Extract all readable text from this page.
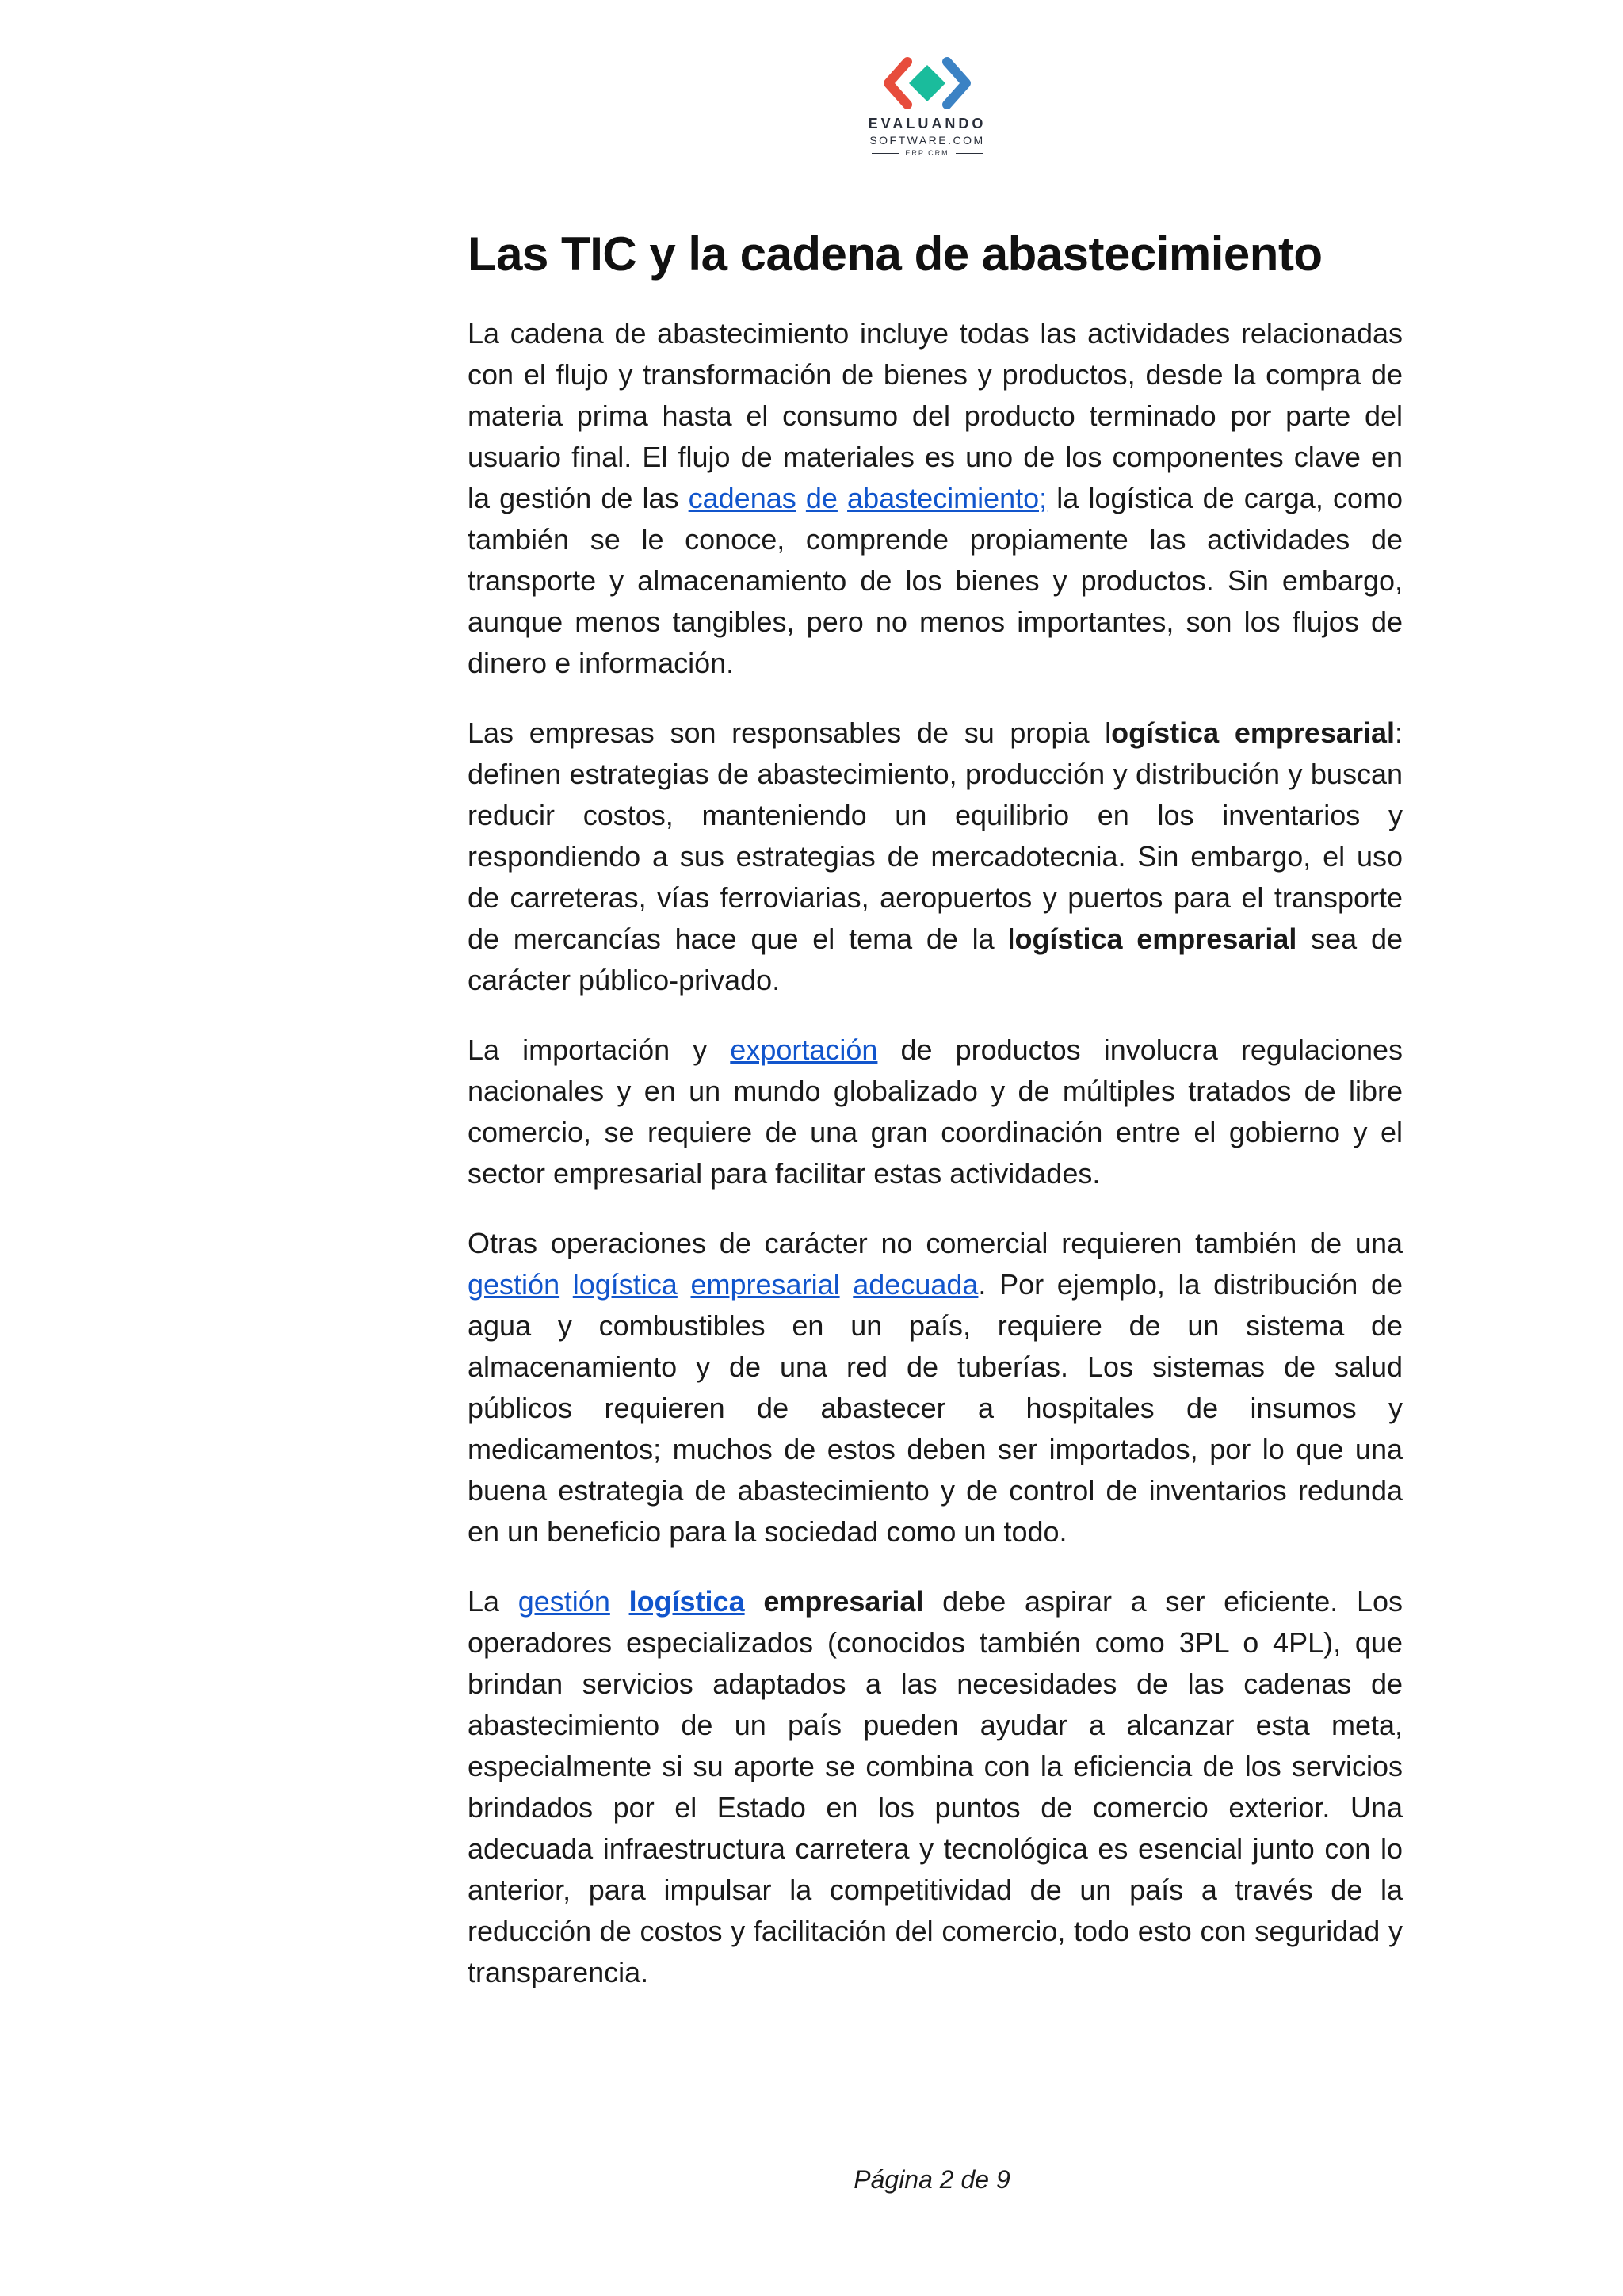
EVALUANDO
SOFTWARE.COM
ERP CRM
Las TIC y la cadena de abastecimiento

La cadena de abastecimiento incluye todas las actividades relacionadas con el flujo y transformación de bienes y productos, desde la compra de materia prima hasta el consumo del producto terminado por parte del usuario final. El flujo de materiales es uno de los componentes clave en la gestión de las cadenas de abastecimiento; la logística de carga, como también se le conoce, comprende propiamente las actividades de transporte y almacenamiento de los bienes y productos. Sin embargo, aunque menos tangibles, pero no menos importantes, son los flujos de dinero e información.

Las empresas son responsables de su propia logística empresarial: definen estrategias de abastecimiento, producción y distribución y buscan reducir costos, manteniendo un equilibrio en los inventarios y respondiendo a sus estrategias de mercadotecnia. Sin embargo, el uso de carreteras, vías ferroviarias, aeropuertos y puertos para el transporte de mercancías hace que el tema de la logística empresarial sea de carácter público-privado.

La importación y exportación de productos involucra regulaciones nacionales y en un mundo globalizado y de múltiples tratados de libre comercio, se requiere de una gran coordinación entre el gobierno y el sector empresarial para facilitar estas actividades.

Otras operaciones de carácter no comercial requieren también de una gestión logística empresarial adecuada. Por ejemplo, la distribución de agua y combustibles en un país, requiere de un sistema de almacenamiento y de una red de tuberías. Los sistemas de salud públicos requieren de abastecer a hospitales de insumos y medicamentos; muchos de estos deben ser importados, por lo que una buena estrategia de abastecimiento y de control de inventarios redunda en un beneficio para la sociedad como un todo.

La gestión logística empresarial debe aspirar a ser eficiente. Los operadores especializados (conocidos también como 3PL o 4PL), que brindan servicios adaptados a las necesidades de las cadenas de abastecimiento de un país pueden ayudar a alcanzar esta meta, especialmente si su aporte se combina con la eficiencia de los servicios brindados por el Estado en los puntos de comercio exterior. Una adecuada infraestructura carretera y tecnológica es esencial junto con lo anterior, para impulsar la competitividad de un país a través de la reducción de costos y facilitación del comercio, todo esto con seguridad y transparencia.

Página 2 de 9
